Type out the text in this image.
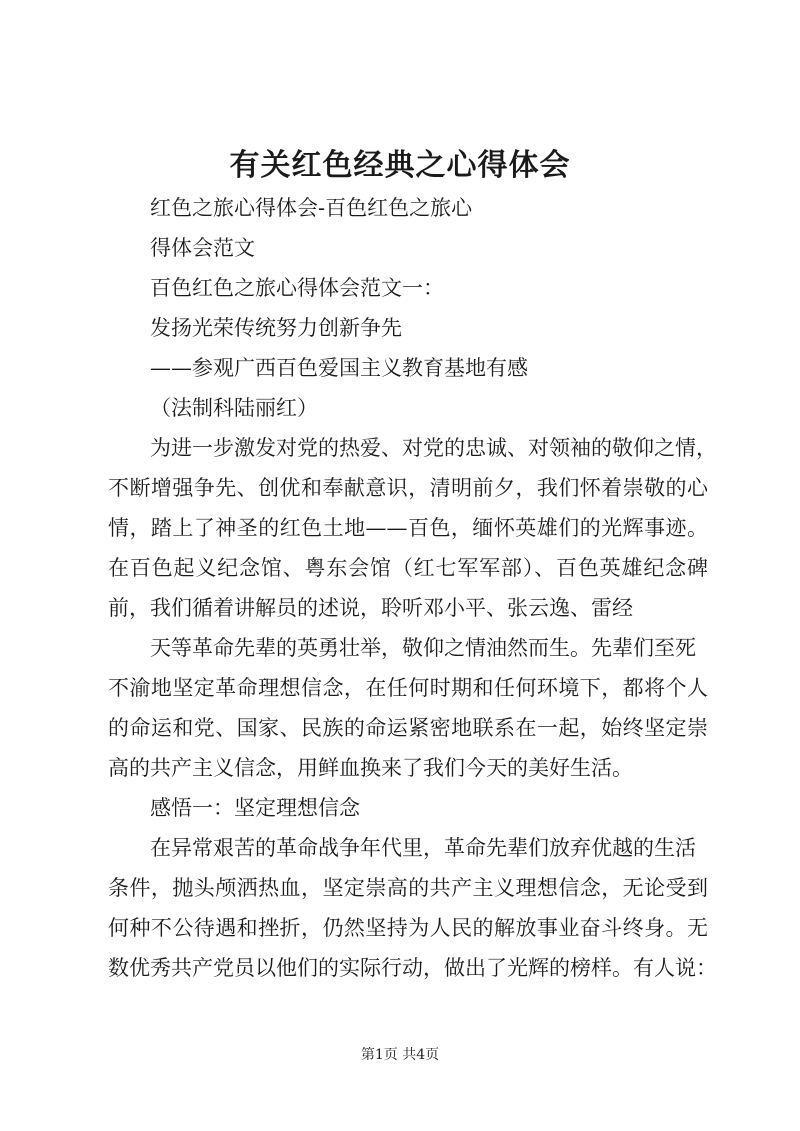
有关红色经典之心得体会
红色之旅心得体会-百色红色之旅心
得体会范文
百色红色之旅心得体会范文一：
发扬光荣传统努力创新争先
——参观广西百色爱国主义教育基地有感
（法制科陆丽红）
为进一步激发对党的热爱、对党的忠诚、对领袖的敬仰之情，
不断增强争先、创优和奉献意识，清明前夕，我们怀着崇敬的心
情，踏上了神圣的红色土地——百色，缅怀英雄们的光辉事迹。
在百色起义纪念馆、粤东会馆（红七军军部）、百色英雄纪念碑
前，我们循着讲解员的述说，聆听邓小平、张云逸、雷经
天等革命先辈的英勇壮举，敬仰之情油然而生。先辈们至死
不渝地坚定革命理想信念，在任何时期和任何环境下，都将个人
的命运和党、国家、民族的命运紧密地联系在一起，始终坚定崇
高的共产主义信念，用鲜血换来了我们今天的美好生活。
感悟一：坚定理想信念
在异常艰苦的革命战争年代里，革命先辈们放弃优越的生活
条件，抛头颅洒热血，坚定崇高的共产主义理想信念，无论受到
何种不公待遇和挫折，仍然坚持为人民的解放事业奋斗终身。无
数优秀共产党员以他们的实际行动，做出了光辉的榜样。有人说：
第1页 共4页
